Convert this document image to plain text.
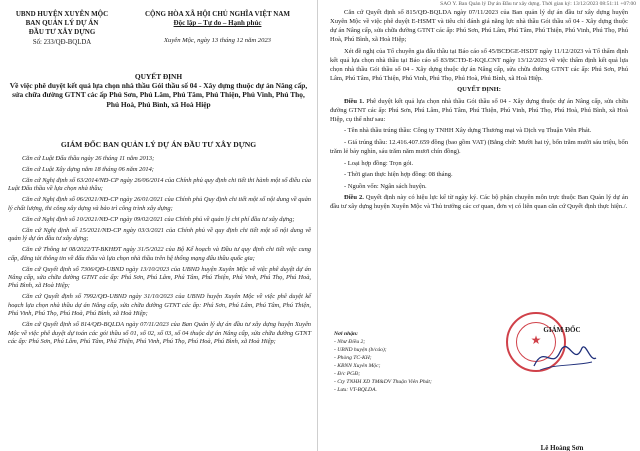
UBND HUYỆN XUYÊN MỘC
BAN QUẢN LÝ DỰ ÁN
ĐẦU TƯ XÂY DỰNG
Số: 233/QĐ-BQLDA
CỘNG HÒA XÃ HỘI CHỦ NGHĨA VIỆT NAM
Độc lập – Tự do – Hạnh phúc
Xuyên Mộc, ngày 13 tháng 12 năm 2023
QUYẾT ĐỊNH
Về việc phê duyệt kết quả lựa chọn nhà thầu Gói thầu số 04 - Xây dựng thuộc dự án Nâng cấp, sửa chữa đường GTNT các ấp Phú Sơn, Phú Lâm, Phú Tâm, Phú Thiện, Phú Vinh, Phú Thọ, Phú Hoà, Phú Bình, xã Hoà Hiệp
GIÁM ĐỐC BAN QUẢN LÝ DỰ ÁN ĐẦU TƯ XÂY DỰNG

Căn cứ Luật Đấu thầu ngày 26 tháng 11 năm 2013;

Căn cứ Luật Xây dựng năm 18 tháng 06 năm 2014;

Căn cứ Nghị định số 63/2014/NĐ-CP ngày 26/06/2014 của Chính phủ quy định chi tiết thi hành một số điều của Luật Đấu thầu về lựa chọn nhà thầu;

Căn cứ Nghị định số 06/2021/NĐ-CP ngày 26/01/2021 của Chính phủ Quy định chi tiết một số nội dung về quản lý chất lượng, thi công xây dựng và bảo trì công trình xây dựng;

Căn cứ Nghị định số 10/2021/NĐ-CP ngày 09/02/2021 của Chính phủ về quản lý chi phí đầu tư xây dựng;

Căn cứ Nghị định số 15/2021/NĐ-CP ngày 03/3/2021 của Chính phủ về quy định chi tiết một số nội dung về quản lý dự án đầu tư xây dựng;

Căn cứ Thông tư 08/2022/TT-BKHĐT ngày 31/5/2022 của Bộ Kế hoạch và Đầu tư quy định chi tiết việc cung cấp, đăng tải thông tin về đấu thầu và lựa chọn nhà thầu trên hệ thống mạng đấu thầu quốc gia;

Căn cứ Quyết định số 7306/QĐ-UBND ngày 13/10/2023 của UBND huyện Xuyên Mộc về việc phê duyệt dự án Nâng cấp, sửa chữa đường GTNT các ấp: Phú Sơn, Phú Lâm, Phú Tâm, Phú Thiện, Phú Vinh, Phú Thọ, Phú Hoà, Phú Bình, xã Hoà Hiệp;

Căn cứ Quyết định số 7992/QĐ-UBND ngày 31/10/2023 của UBND huyện Xuyên Mộc về việc phê duyệt kế hoạch lựa chọn nhà thầu dự án Nâng cấp, sửa chữa đường GTNT các ấp: Phú Sơn, Phú Lâm, Phú Tâm, Phú Thiện, Phú Vinh, Phú Thọ, Phú Hoà, Phú Bình, xã Hoà Hiệp;

Căn cứ Quyết định số 814/QĐ-BQLDA ngày 07/11/2023 của Ban Quản lý dự án đầu tư xây dựng huyện Xuyên Mộc về việc phê duyệt dự toán các gói thầu số 01, số 02, số 03, số 04 thuộc dự án Nâng cấp, sửa chữa đường GTNT các ấp: Phú Sơn, Phú Lâm, Phú Tâm, Phú Thiện, Phú Vinh, Phú Thọ, Phú Hoà, Phú Bình, xã Hoà Hiệp;

SAO Y. Ban Quản lý Dự án Đầu tư xây dựng. Thời gian ký: 13/12/2023 08:51:11 +07:00

Căn cứ Quyết định số 815/QĐ-BQLDA ngày 07/11/2023 của Ban quản lý dự án đầu tư xây dựng huyện Xuyên Mộc về việc phê duyệt E-HSMT và tiêu chí đánh giá năng lực nhà thầu Gói thầu số 04 - Xây dựng thuộc dự án Nâng cấp, sửa chữa đường GTNT các ấp: Phú Sơn, Phú Lâm, Phú Tâm, Phú Thiện, Phú Vinh, Phú Thọ, Phú Hoà, Phú Bình, xã Hoà Hiệp;

Xét đề nghị của Tổ chuyên gia đấu thầu tại Báo cáo số 45/BCĐGE-HSDT ngày 11/12/2023 và Tổ thẩm định kết quả lựa chọn nhà thầu tại Báo cáo số 83/BCTĐ-E-KQLCNT ngày 13/12/2023 về việc thẩm định kết quả lựa chọn nhà thầu Gói thầu số 04 - Xây dựng thuộc dự án Nâng cấp, sửa chữa đường GTNT các ấp: Phú Sơn, Phú Lâm, Phú Tâm, Phú Thiện, Phú Vinh, Phú Thọ, Phú Hoà, Phú Bình, xã Hoà Hiệp.

QUYẾT ĐỊNH:

Điều 1. Phê duyệt kết quả lựa chọn nhà thầu Gói thầu số 04 - Xây dựng thuộc dự án Nâng cấp, sửa chữa đường GTNT các ấp: Phú Sơn, Phú Lâm, Phú Tâm, Phú Thiện, Phú Vinh, Phú Thọ, Phú Hoà, Phú Bình, xã Hoà Hiệp, cụ thể như sau:

- Tên nhà thầu trúng thầu: Công ty TNHH Xây dựng Thương mại và Dịch vụ Thuận Viên Phát.

- Giá trúng thầu: 12.416.407.659 đồng (bao gồm VAT) (Bằng chữ: Mười hai tỷ, bốn trăm mười sáu triệu, bốn trăm lẻ bảy nghìn, sáu trăm năm mươi chín đồng).

- Loại hợp đồng: Trọn gói.

- Thời gian thực hiện hợp đồng: 08 tháng.

- Nguồn vốn: Ngân sách huyện.

Điều 2. Quyết định này có hiệu lực kể từ ngày ký. Các bộ phận chuyên môn trực thuộc Ban Quản lý dự án đầu tư xây dựng huyện Xuyên Mộc và Thủ trưởng các cơ quan, đơn vị có liên quan căn cứ Quyết định thực hiện./.

Nơi nhận:
- Như Điều 2;
- UBND huyện (b/cáo);
- Phòng TC-KH;
- KBNN Xuyên Mộc;
- Đ/c PGĐ;
- Cty TNHH XD TM&DV Thuận Viên Phát;
- Lưu: VT-BQLDA.
★
GIÁM ĐỐC
Lê Hoàng Sơn
